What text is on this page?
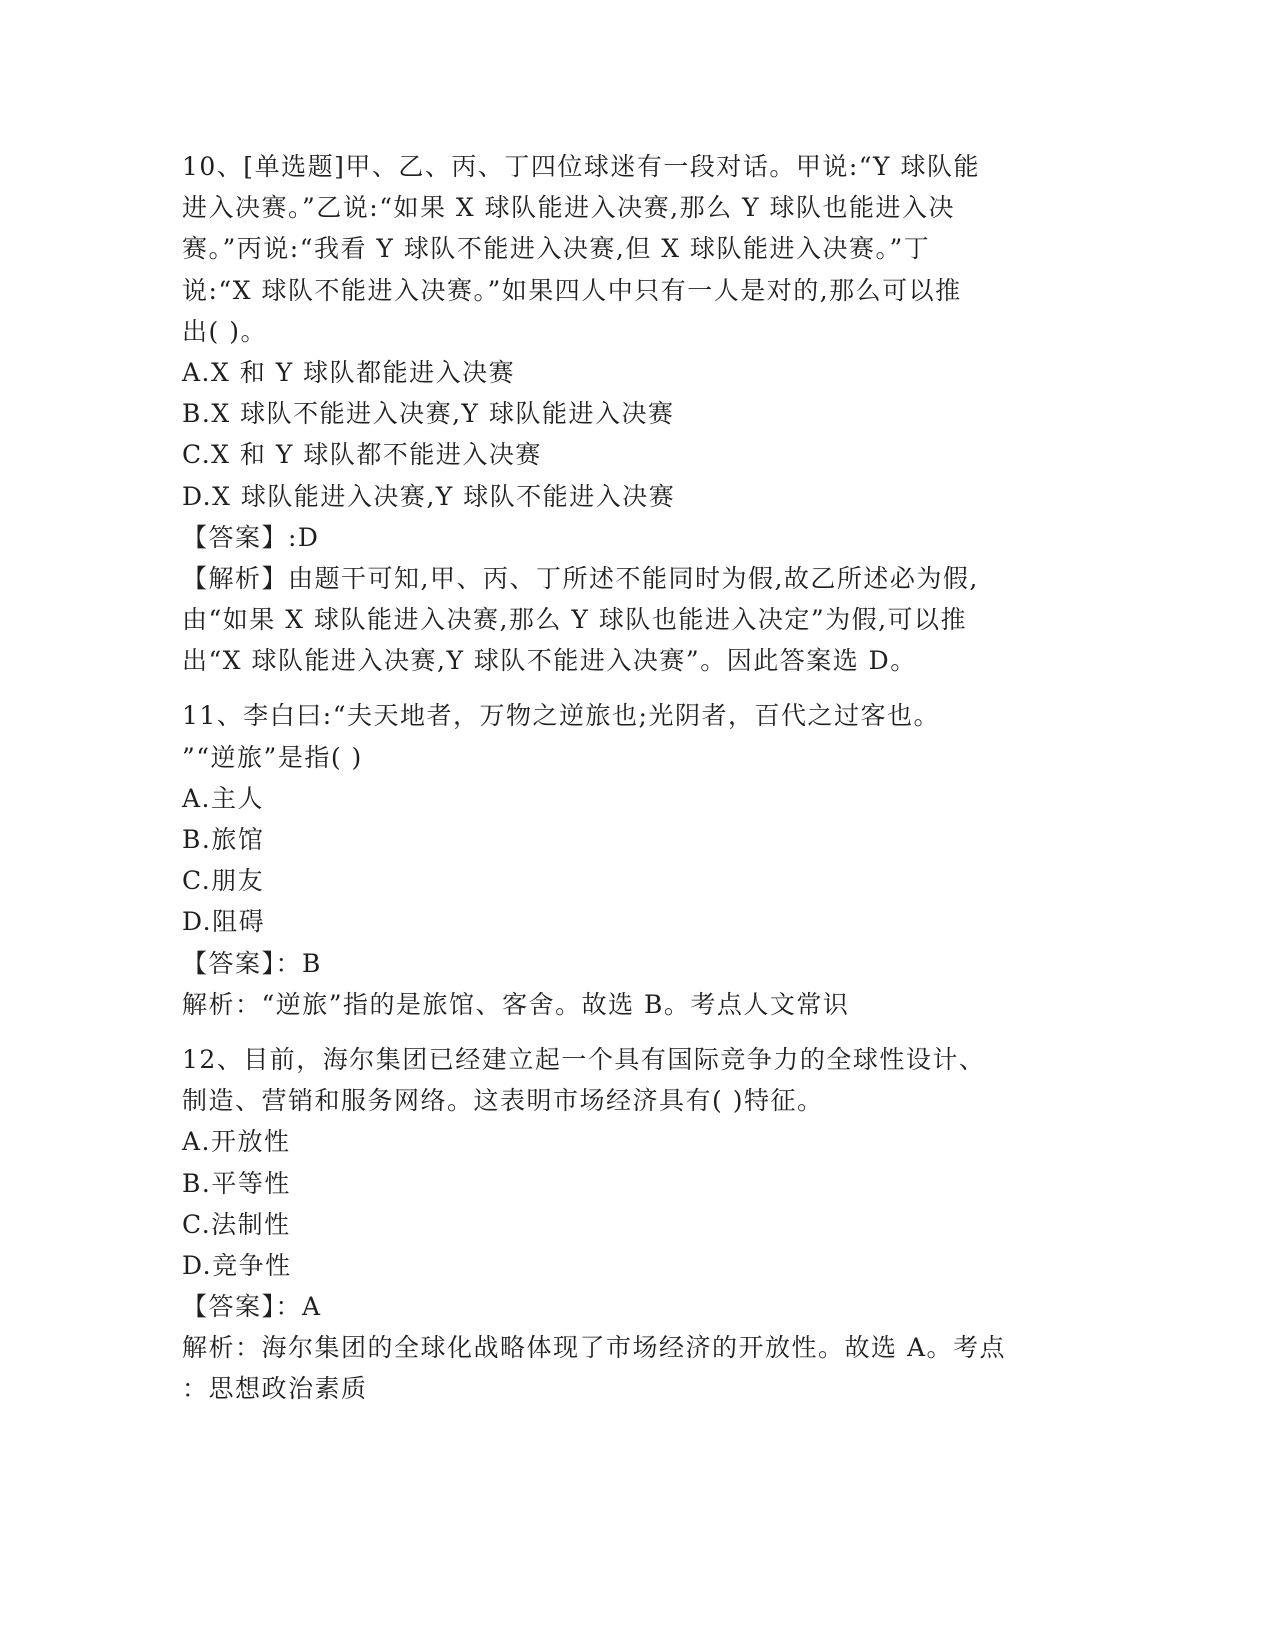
10、[单选题]甲、乙、丙、丁四位球迷有一段对话。甲说:“Y 球队能
进入决赛。”乙说:“如果 X 球队能进入决赛,那么 Y 球队也能进入决
赛。”丙说:“我看 Y 球队不能进入决赛,但 X 球队能进入决赛。”丁
说:“X 球队不能进入决赛。”如果四人中只有一人是对的,那么可以推
出( )。
A.X 和 Y 球队都能进入决赛
B.X 球队不能进入决赛,Y 球队能进入决赛
C.X 和 Y 球队都不能进入决赛
D.X 球队能进入决赛,Y 球队不能进入决赛
【答案】:D
【解析】由题干可知,甲、丙、丁所述不能同时为假,故乙所述必为假,
由“如果 X 球队能进入决赛,那么 Y 球队也能进入决定”为假,可以推
出“X 球队能进入决赛,Y 球队不能进入决赛”。因此答案选 D。
11、李白曰:“夫天地者，万物之逆旅也;光阴者，百代之过客也。
”“逆旅”是指( )
A.主人
B.旅馆
C.朋友
D.阻碍
【答案】：B
解析：“逆旅”指的是旅馆、客舍。故选 B。考点人文常识
12、目前，海尔集团已经建立起一个具有国际竞争力的全球性设计、
制造、营销和服务网络。这表明市场经济具有( )特征。
A.开放性
B.平等性
C.法制性
D.竞争性
【答案】：A
解析：海尔集团的全球化战略体现了市场经济的开放性。故选 A。考点
：思想政治素质
